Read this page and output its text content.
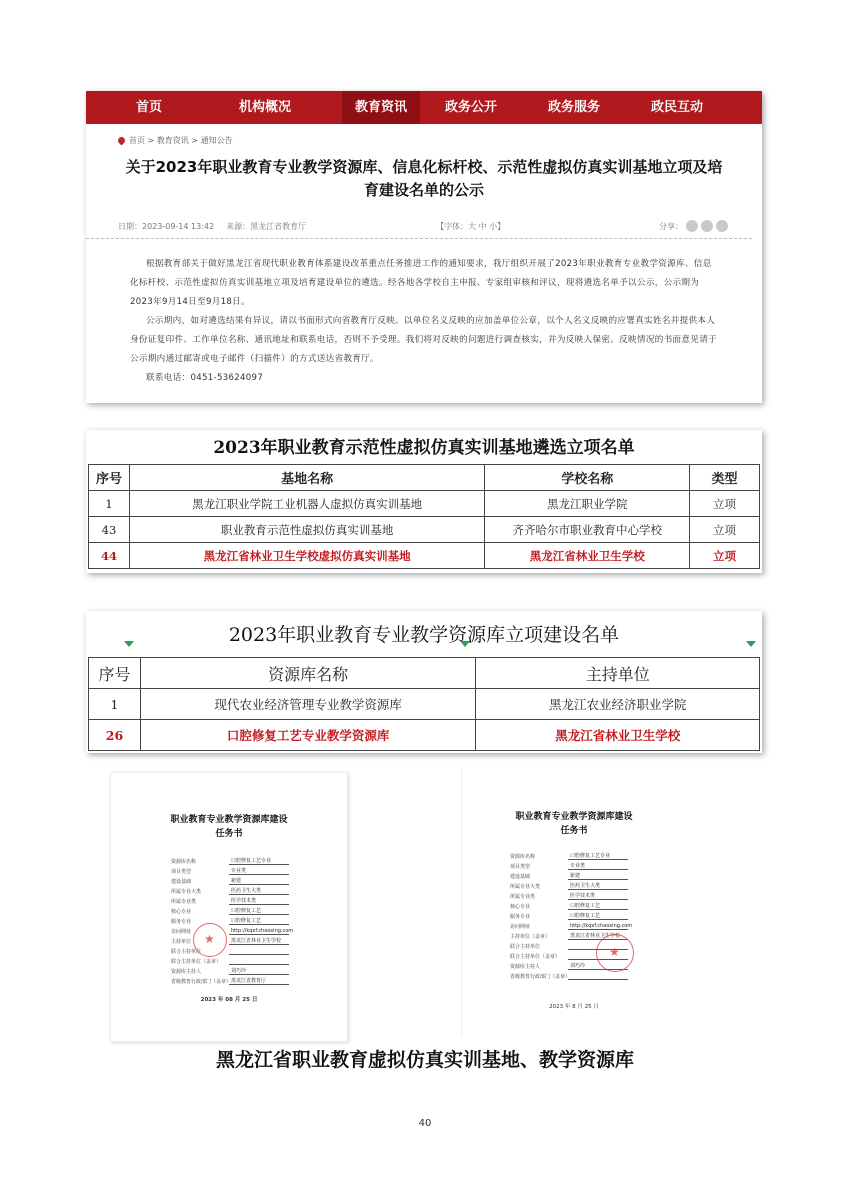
首页	机构概况	教育资讯	政务公开	政务服务	政民互动
首页 > 教育资讯 > 通知公告
关于2023年职业教育专业教学资源库、信息化标杆校、示范性虚拟仿真实训基地立项及培育建设名单的公示
日期：2023-09-14 13:42 来源：黑龙江省教育厅	【字体：大 中 小】	分享：

根据教育部关于做好黑龙江省现代职业教育体系建设改革重点任务推进工作的通知要求，我厅组织开展了2023年职业教育专业教学资源库、信息化标杆校、示范性虚拟仿真实训基地立项及培育建设单位的遴选。经各地各学校自主申报、专家组审核和评议，现将遴选名单予以公示，公示期为2023年9月14日至9月18日。

公示期内，如对遴选结果有异议，请以书面形式向省教育厅反映。以单位名义反映的应加盖单位公章，以个人名义反映的应署真实姓名并提供本人身份证复印件、工作单位名称、通讯地址和联系电话，否则不予受理。我们将对反映的问题进行调查核实，并为反映人保密。反映情况的书面意见请于公示期内通过邮寄或电子邮件（扫描件）的方式送达省教育厅。

联系电话：0451-53624097

2023年职业教育示范性虚拟仿真实训基地遴选立项名单
序号	基地名称	学校名称	类型
1	黑龙江职业学院工业机器人虚拟仿真实训基地	黑龙江职业学院	立项
43	职业教育示范性虚拟仿真实训基地	齐齐哈尔市职业教育中心学校	立项
44	黑龙江省林业卫生学校虚拟仿真实训基地	黑龙江省林业卫生学校	立项
2023年职业教育专业教学资源库立项建设名单
序号	资源库名称	主持单位
1	现代农业经济管理专业教学资源库	黑龙江农业经济职业学院
26	口腔修复工艺专业教学资源库	黑龙江省林业卫生学校
职业教育专业教学资源库建设
任务书
资源库名称	口腔修复工艺专业
项目类型	专业类
建设基础	新建
所属专业大类	医药卫生大类
所属专业类	医学技术类
核心专业	口腔修复工艺
服务专业	口腔修复工艺
访问网址	http://kqxf.chaoxing.com
主持单位	黑龙江省林业卫生学校
联合主持单位
联合主持单位（盖章）
资源库主持人	刘巧玲
省级教育行政部门（盖章） 黑龙江省教育厅
★
2023 年 08 月 25 日
职业教育专业教学资源库建设
任务书
资源库名称	口腔修复工艺专业
项目类型	专业类
建设基础	新建
所属专业大类	医药卫生大类
所属专业类	医学技术类
核心专业	口腔修复工艺
服务专业	口腔修复工艺
访问网址	http://kqxf.chaoxing.com
主持单位（盖章）	黑龙江省林业卫生学校
联合主持单位
联合主持单位（盖章）
资源库主持人	刘巧玲
省级教育行政部门（盖章）
★
2023 年 8 月 25 日
黑龙江省职业教育虚拟仿真实训基地、教学资源库
40
